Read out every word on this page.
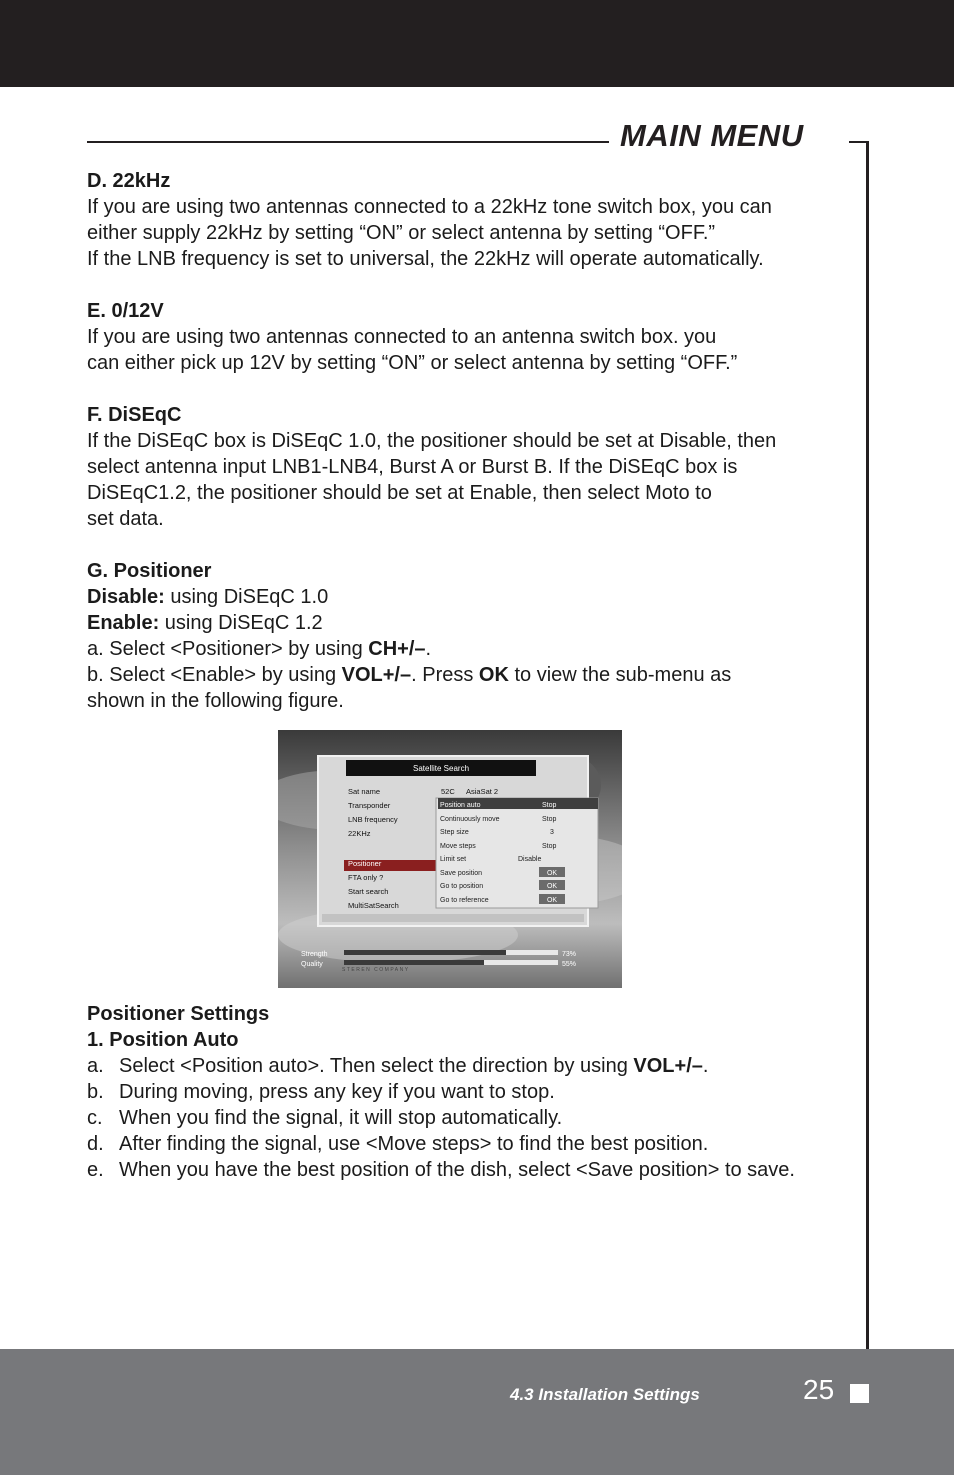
MAIN MENU

D. 22kHz

If you are using two antennas connected to a 22kHz tone switch box, you can

either supply 22kHz by setting “ON” or select antenna by setting “OFF.”

If the LNB frequency is set to universal, the 22kHz will operate automatically.

E. 0/12V

If you are using two antennas connected to an antenna switch box. you

can either pick up 12V by setting “ON” or select antenna by setting “OFF.”

F. DiSEqC

If the DiSEqC box is DiSEqC 1.0, the positioner should be set at Disable, then

select antenna input LNB1-LNB4, Burst A or Burst B. If the DiSEqC box is

DiSEqC1.2, the positioner should be set at Enable, then select Moto to

set data.

G. Positioner

Disable: using DiSEqC 1.0

Enable: using DiSEqC 1.2

a. Select <Positioner> by using CH+/–.

b. Select <Enable> by using VOL+/–. Press OK to view the sub-menu as

shown in the following figure.

Satellite Search
Sat name
Transponder
LNB frequency
22KHz
Positioner
FTA only ?
Start search
MultiSatSearch
52C AsiaSat 2
Position auto
Continuously move
Step size
Move steps
Limit set
Save position
Go to position
Go to reference
Stop
Stop
3
Stop
Disable
OK
OK
OK
Strength
Quality
73%
55%
STEREN COMPANY

Positioner Settings

1. Position Auto

a. Select <Position auto>. Then select the direction by using VOL+/–.
b. During moving, press any key if you want to stop.
c. When you find the signal, it will stop automatically.
d. After finding the signal, use <Move steps> to find the best position.
e. When you have the best position of the dish, select <Save position> to save.
4.3 Installation Settings	25
